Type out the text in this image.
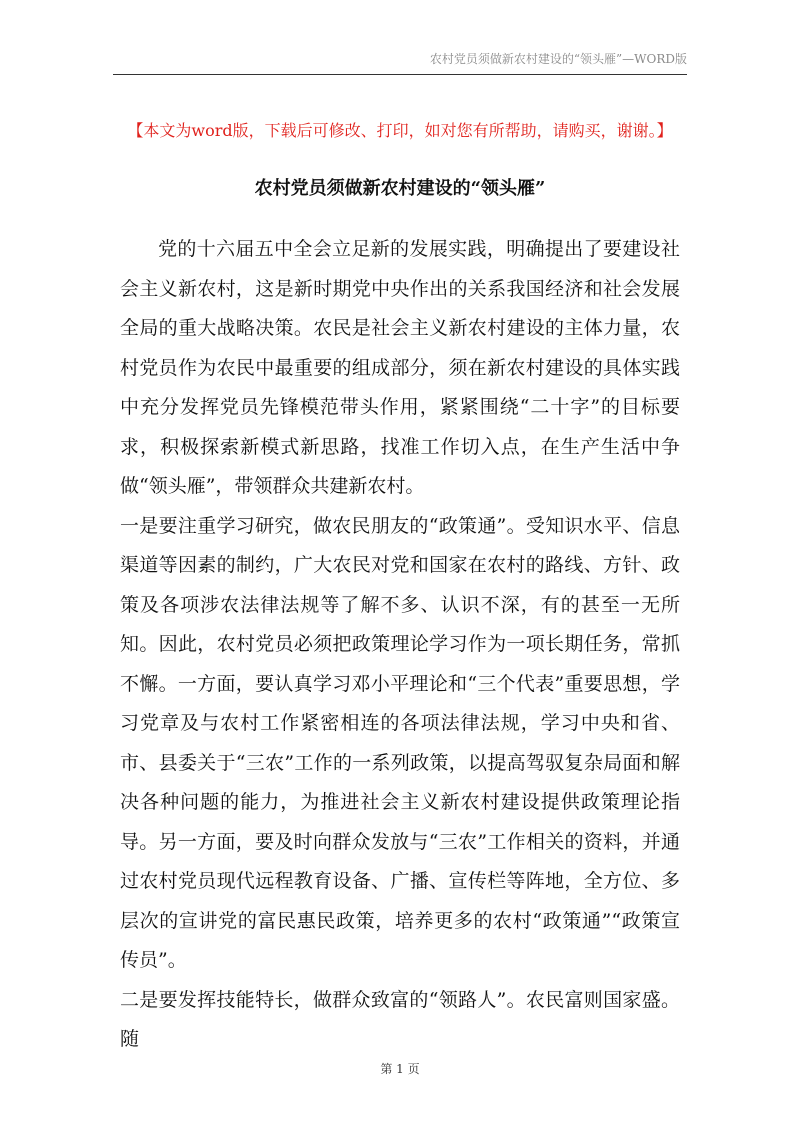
农村党员须做新农村建设的“领头雁”—WORD版
【本文为word版，下载后可修改、打印，如对您有所帮助，请购买，谢谢。】
农村党员须做新农村建设的“领头雁”

党的十六届五中全会立足新的发展实践，明确提出了要建设社会主义新农村，这是新时期党中央作出的关系我国经济和社会发展全局的重大战略决策。农民是社会主义新农村建设的主体力量，农村党员作为农民中最重要的组成部分，须在新农村建设的具体实践中充分发挥党员先锋模范带头作用，紧紧围绕“二十字”的目标要求，积极探索新模式新思路，找准工作切入点，在生产生活中争做“领头雁”，带领群众共建新农村。

一是要注重学习研究，做农民朋友的“政策通”。受知识水平、信息渠道等因素的制约，广大农民对党和国家在农村的路线、方针、政策及各项涉农法律法规等了解不多、认识不深，有的甚至一无所知。因此，农村党员必须把政策理论学习作为一项长期任务，常抓不懈。一方面，要认真学习邓小平理论和“三个代表”重要思想，学习党章及与农村工作紧密相连的各项法律法规，学习中央和省、市、县委关于“三农”工作的一系列政策，以提高驾驭复杂局面和解决各种问题的能力，为推进社会主义新农村建设提供政策理论指导。另一方面，要及时向群众发放与“三农”工作相关的资料，并通过农村党员现代远程教育设备、广播、宣传栏等阵地，全方位、多层次的宣讲党的富民惠民政策，培养更多的农村“政策通”“政策宣传员”。

二是要发挥技能特长，做群众致富的“领路人”。农民富则国家盛。随

第 1 页
